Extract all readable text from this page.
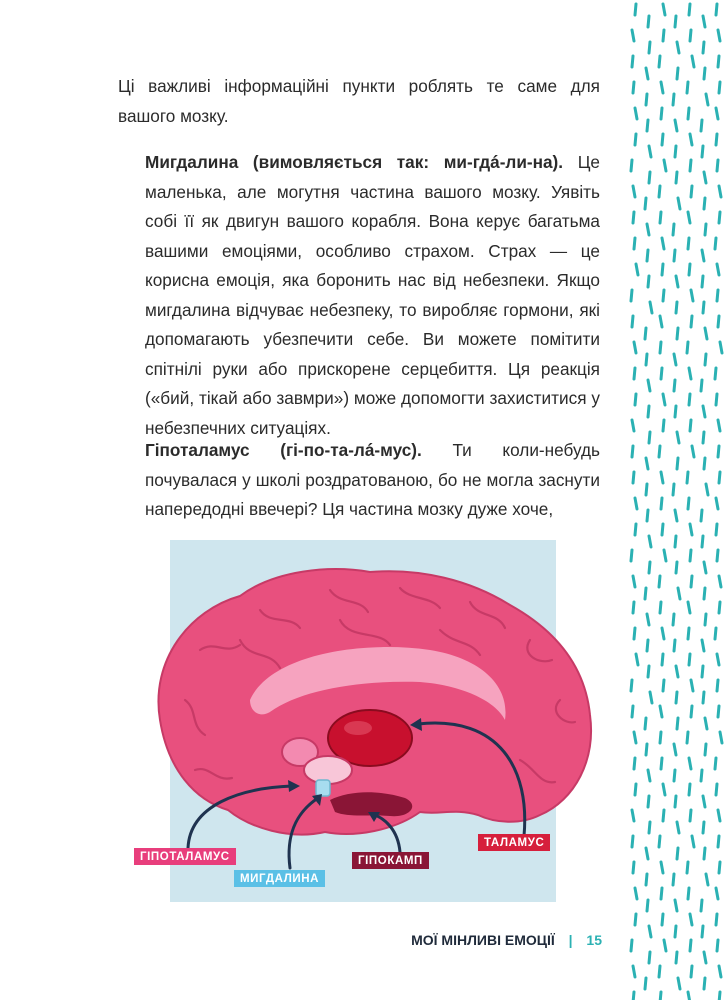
Ці важливі інформаційні пункти роблять те саме для вашого мозку.

Мигдалина (вимовляється так: ми-гдá-ли-на). Це маленька, але могутня частина вашого мозку. Уявіть собі її як двигун вашого корабля. Вона керує багатьма вашими емоціями, особливо страхом. Страх — це корисна емоція, яка боронить нас від небезпеки. Якщо мигдалина відчуває небезпеку, то виробляє гормони, які допомагають убезпечити себе. Ви можете помітити спітнілі руки або прискорене серцебиття. Ця реакція («бий, тікай або завмри») може допомогти захиститися у небезпечних ситуаціях.

Гіпоталамус (гі-по-та-лá-мус). Ти коли-небудь почувалася у школі роздратованою, бо не могла заснути напередодні ввечері? Ця частина мозку дуже хоче,

ГІПОТАЛАМУС
МИГДАЛИНА
ГІПОКАМП
ТАЛАМУС
МОЇ МІНЛИВІ ЕМОЦІЇ | 15
